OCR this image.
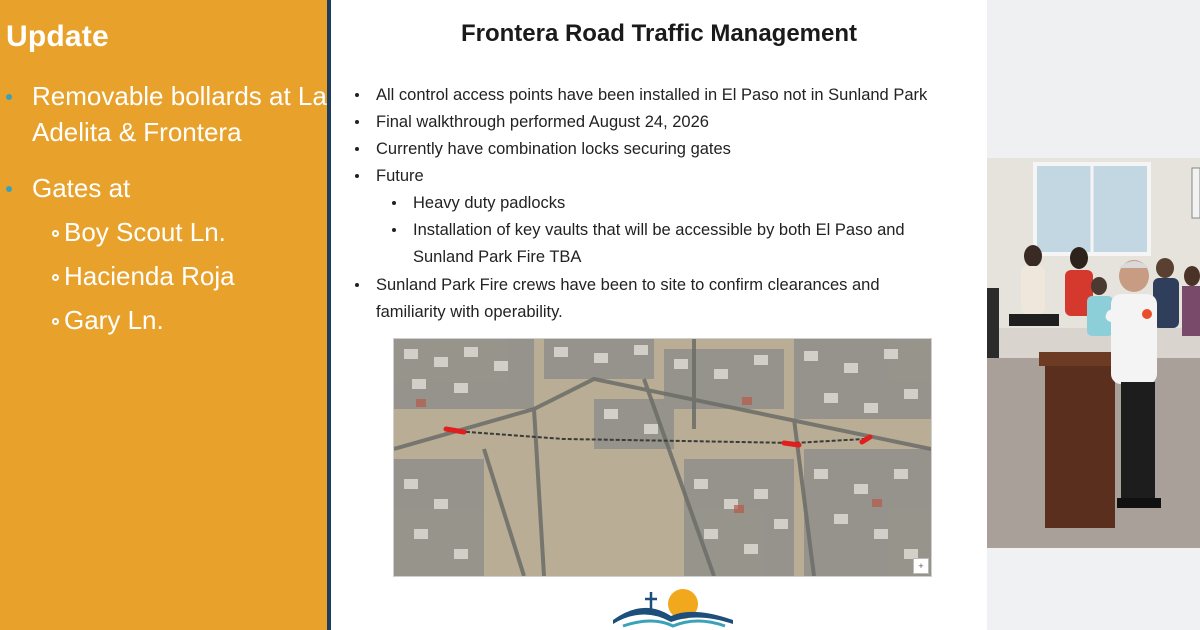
Update
Removable bollards at La
Adelita & Frontera
Gates at
Boy Scout Ln.
Hacienda Roja
Gary Ln.
Frontera Road Traffic Management
All control access points have been installed in El Paso not in Sunland Park
Final walkthrough performed August 24, 2026
Currently have combination locks securing gates
Future
Heavy duty padlocks
Installation of key vaults that will be accessible by both El Paso and
Sunland Park Fire TBA
Sunland Park Fire crews have been to site to confirm clearances and
familiarity with operability.
+
